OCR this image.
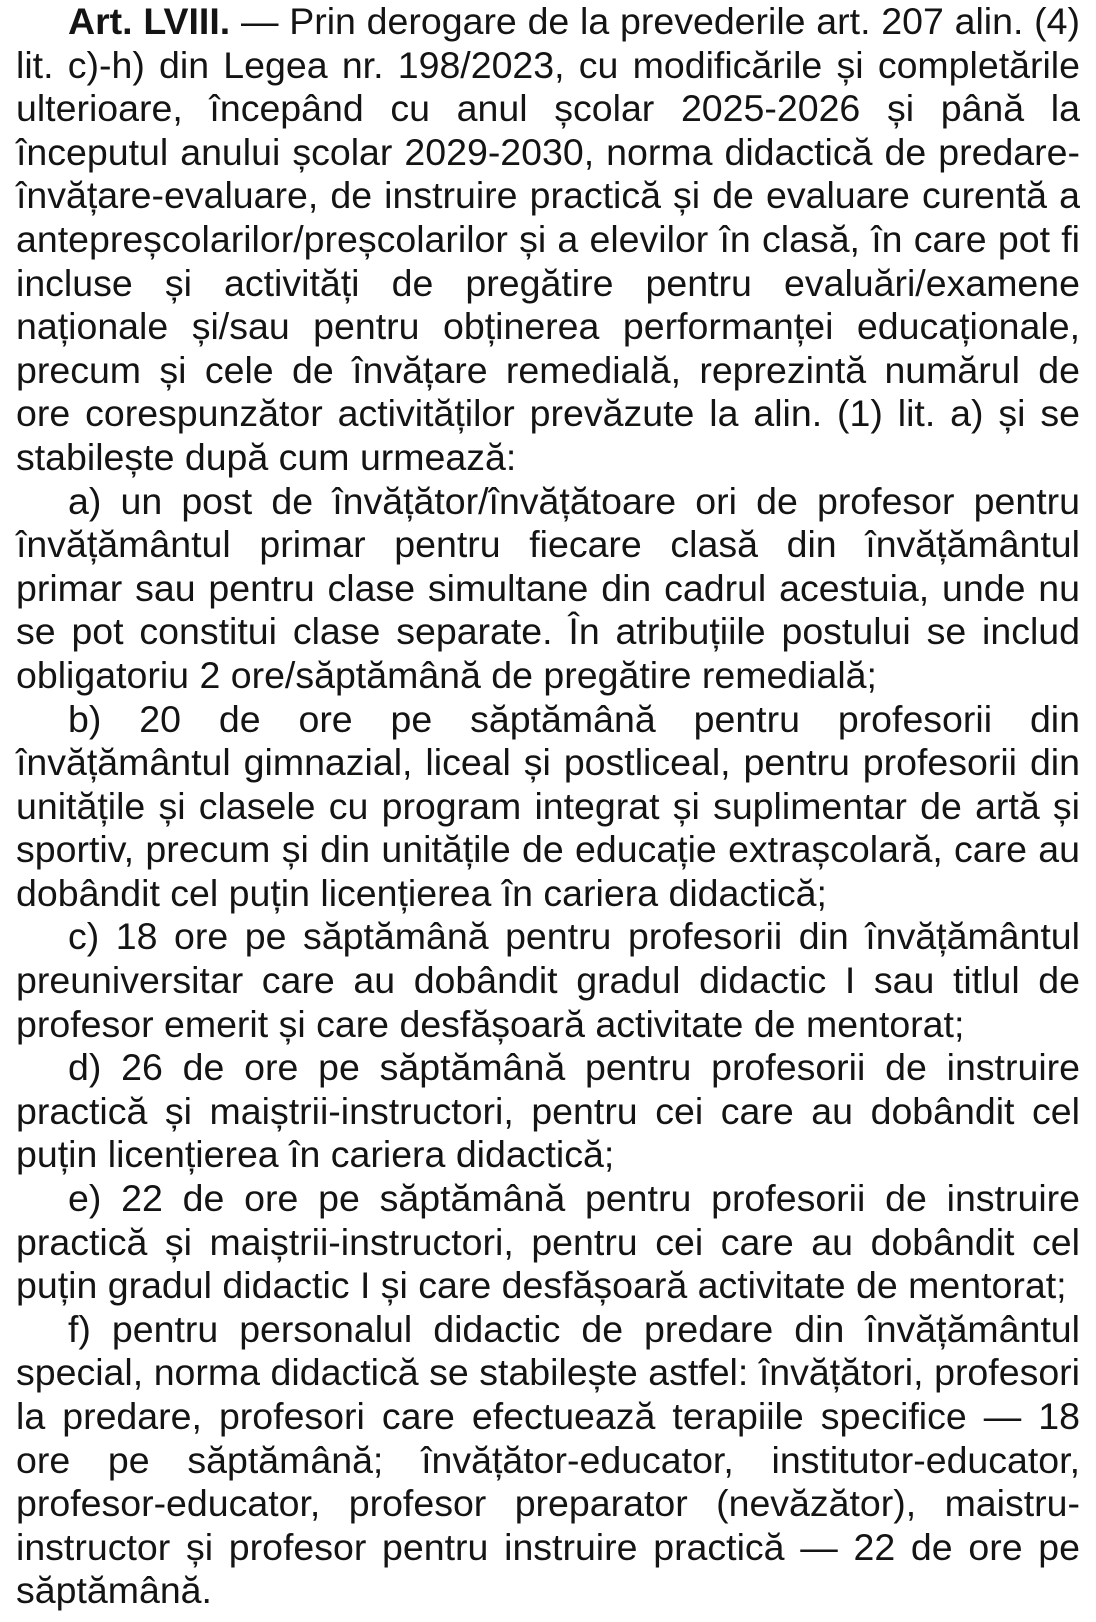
Art. LVIII. — Prin derogare de la prevederile art. 207 alin. (4) lit. c)-h) din Legea nr. 198/2023, cu modificările și completările ulterioare, începând cu anul școlar 2025-2026 și până la începutul anului școlar 2029-2030, norma didactică de predare-învățare-evaluare, de instruire practică și de evaluare curentă a antepreșcolarilor/preșcolarilor și a elevilor în clasă, în care pot fi incluse și activități de pregătire pentru evaluări/examene naționale și/sau pentru obținerea performanței educaționale, precum și cele de învățare remedială, reprezintă numărul de ore corespunzător activităților prevăzute la alin. (1) lit. a) și se stabilește după cum urmează:

a) un post de învățător/învățătoare ori de profesor pentru învățământul primar pentru fiecare clasă din învățământul primar sau pentru clase simultane din cadrul acestuia, unde nu se pot constitui clase separate. În atribuțiile postului se includ obligatoriu 2 ore/săptămână de pregătire remedială;

b) 20 de ore pe săptămână pentru profesorii din învățământul gimnazial, liceal și postliceal, pentru profesorii din unitățile și clasele cu program integrat și suplimentar de artă și sportiv, precum și din unitățile de educație extrașcolară, care au dobândit cel puțin licențierea în cariera didactică;

c) 18 ore pe săptămână pentru profesorii din învățământul preuniversitar care au dobândit gradul didactic I sau titlul de profesor emerit și care desfășoară activitate de mentorat;

d) 26 de ore pe săptămână pentru profesorii de instruire practică și maiștrii-instructori, pentru cei care au dobândit cel puțin licențierea în cariera didactică;

e) 22 de ore pe săptămână pentru profesorii de instruire practică și maiștrii-instructori, pentru cei care au dobândit cel puțin gradul didactic I și care desfășoară activitate de mentorat;

f) pentru personalul didactic de predare din învățământul special, norma didactică se stabilește astfel: învățători, profesori la predare, profesori care efectuează terapiile specifice — 18 ore pe săptămână; învățător-educator, institutor-educator, profesor-educator, profesor preparator (nevăzător), maistru-instructor și profesor pentru instruire practică — 22 de ore pe săptămână.
